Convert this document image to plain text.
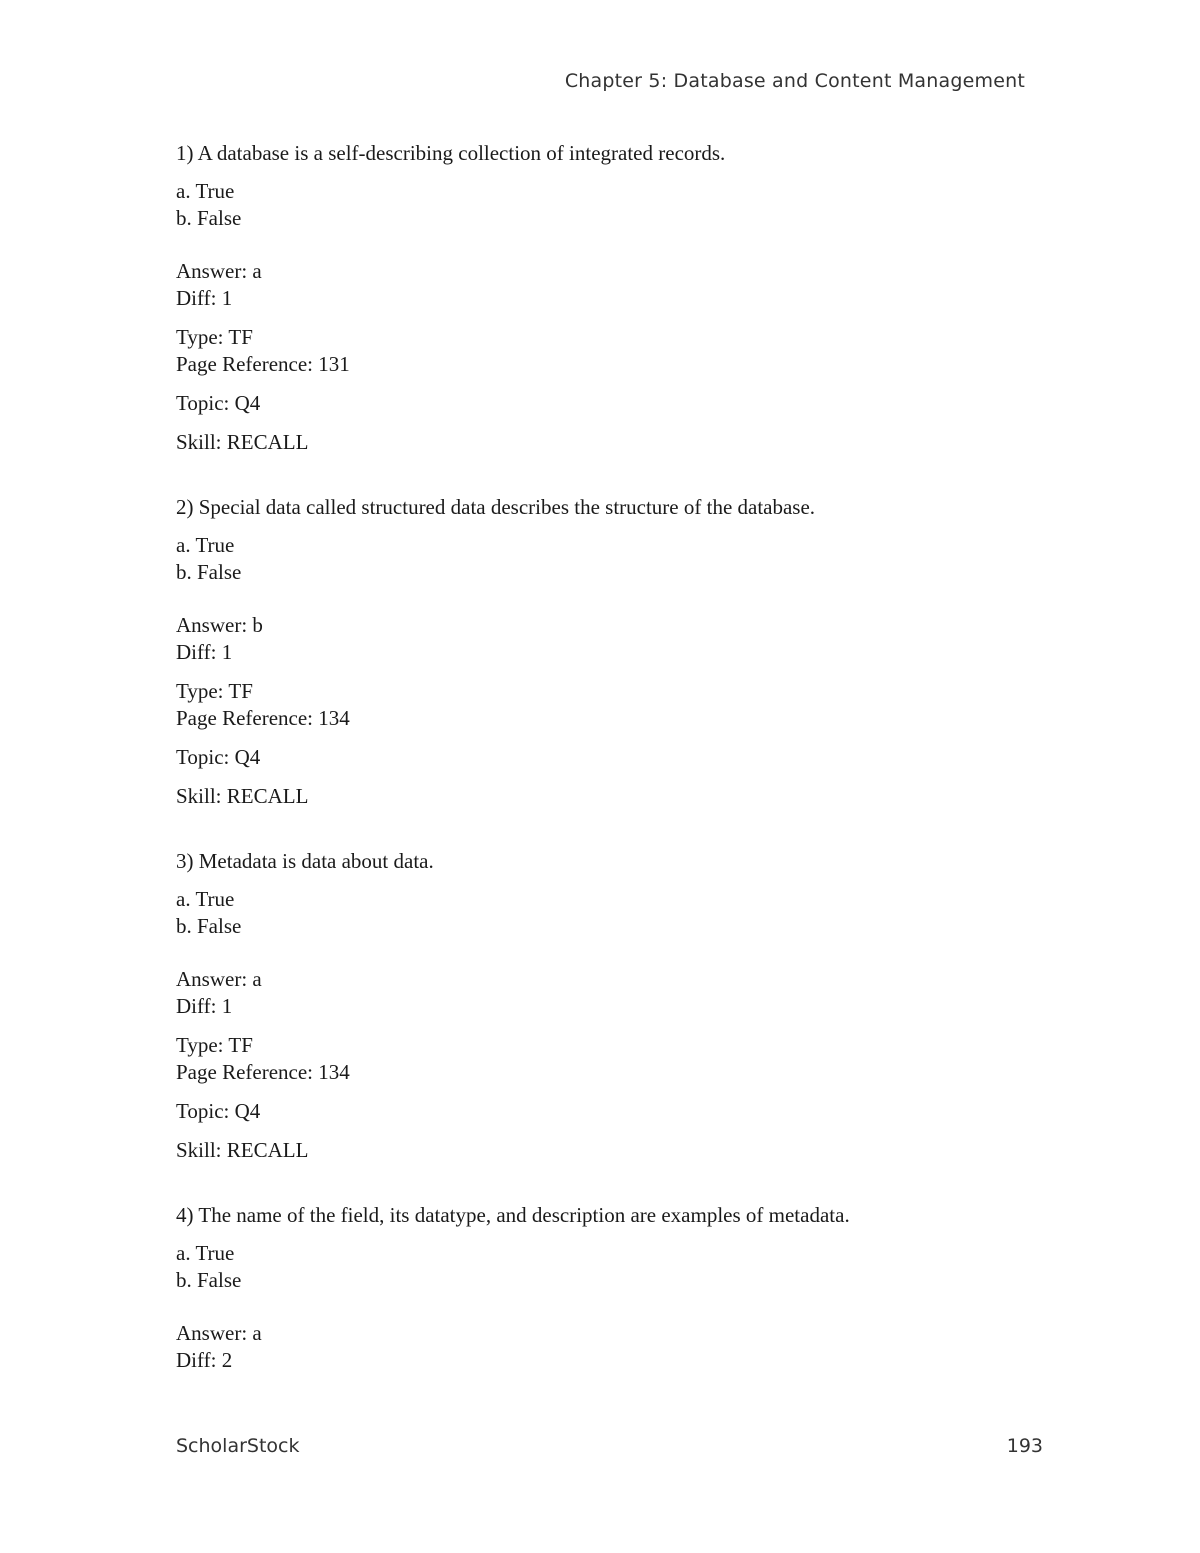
Chapter 5: Database and Content Management

1) A database is a self-describing collection of integrated records.

a. True
b. False
Answer: a
Diff: 1
Type: TF
Page Reference: 131
Topic: Q4
Skill: RECALL

2) Special data called structured data describes the structure of the database.

a. True
b. False
Answer: b
Diff: 1
Type: TF
Page Reference: 134
Topic: Q4
Skill: RECALL

3) Metadata is data about data.

a. True
b. False
Answer: a
Diff: 1
Type: TF
Page Reference: 134
Topic: Q4
Skill: RECALL

4) The name of the field, its datatype, and description are examples of metadata.

a. True
b. False
Answer: a
Diff: 2
ScholarStock	193
